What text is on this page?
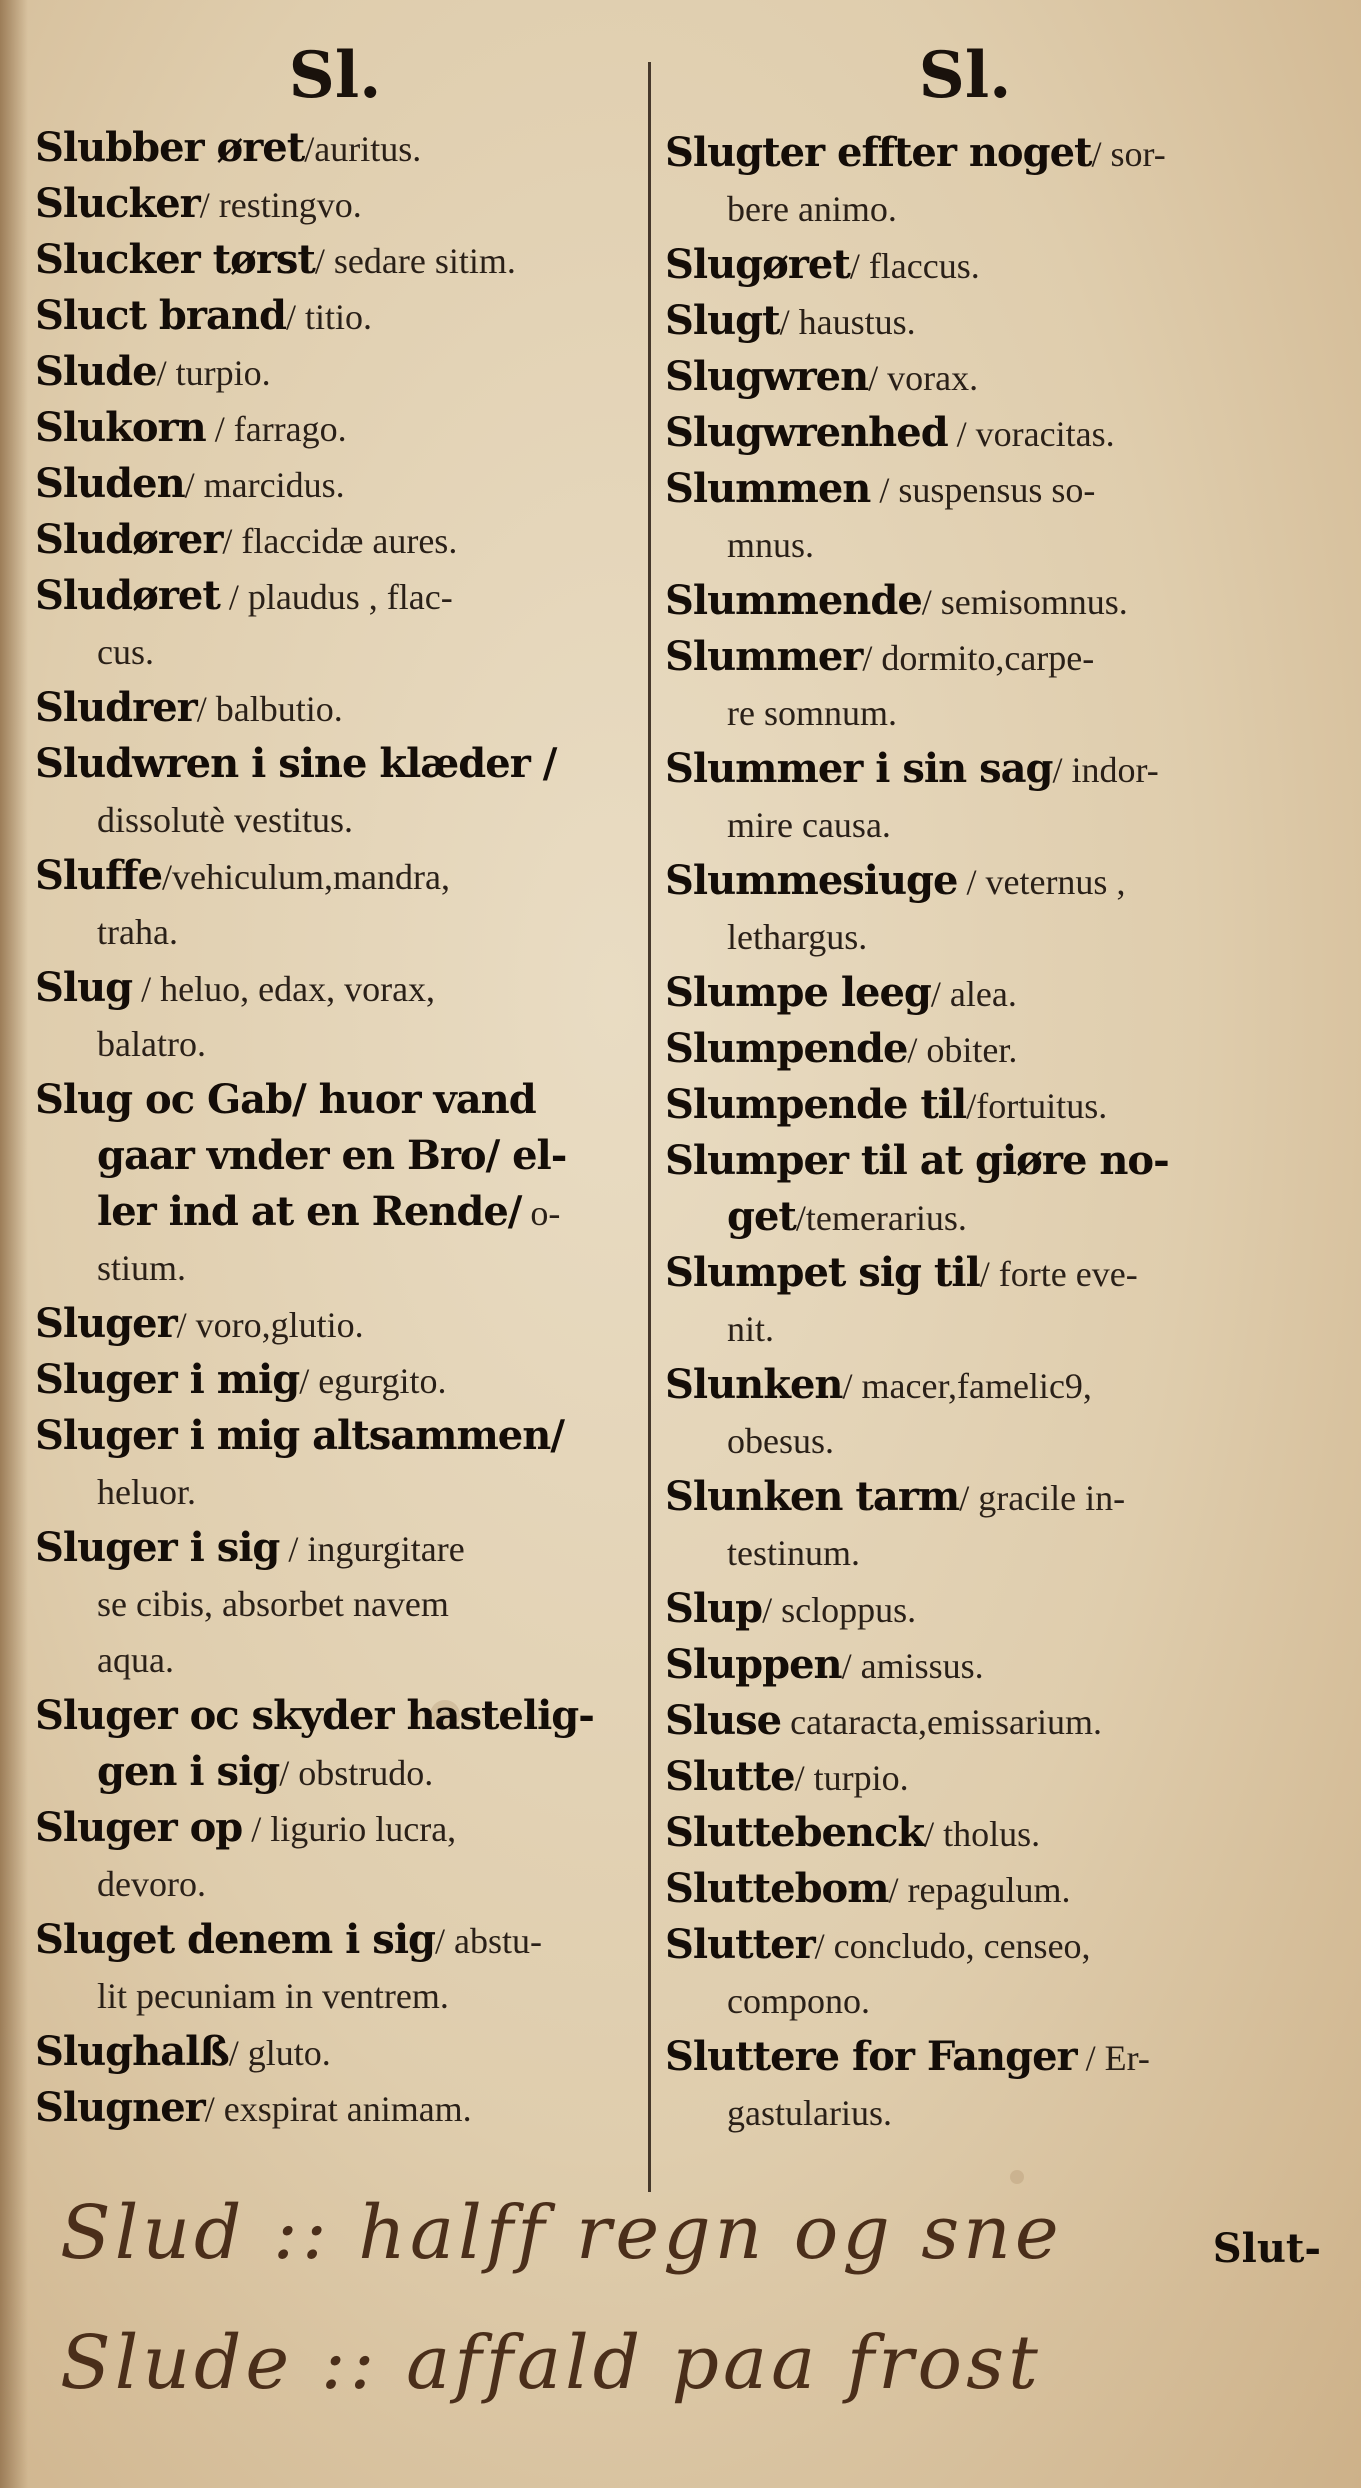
Sl.
Slubber øret/auritus.
Slucker/ restingvo.
Slucker tørst/ sedare sitim.
Sluct brand/ titio.
Slude/ turpio.
Slukorn / farrago.
Sluden/ marcidus.
Sludører/ flaccidæ aures.
Sludøret / plaudus , flac-
cus.
Sludrer/ balbutio.
Sludwren i sine klæder /
dissolutè vestitus.
Sluffe/vehiculum,mandra,
traha.
Slug / heluo, edax, vorax,
balatro.
Slug oc Gab/ huor vand
gaar vnder en Bro/ el-
ler ind at en Rende/ o-
stium.
Sluger/ voro,glutio.
Sluger i mig/ egurgito.
Sluger i mig altsammen/
heluor.
Sluger i sig / ingurgitare
se cibis, absorbet navem
aqua.
Sluger oc skyder hastelig-
gen i sig/ obstrudo.
Sluger op / ligurio lucra,
devoro.
Sluget denem i sig/ abstu-
lit pecuniam in ventrem.
Slughalß/ gluto.
Slugner/ exspirat animam.
Sl.
Slugter effter noget/ sor-
bere animo.
Slugøret/ flaccus.
Slugt/ haustus.
Slugwren/ vorax.
Slugwrenhed / voracitas.
Slummen / suspensus so-
mnus.
Slummende/ semisomnus.
Slummer/ dormito,carpe-
re somnum.
Slummer i sin sag/ indor-
mire causa.
Slummesiuge / veternus ,
lethargus.
Slumpe leeg/ alea.
Slumpende/ obiter.
Slumpende til/fortuitus.
Slumper til at giøre no-
get/temerarius.
Slumpet sig til/ forte eve-
nit.
Slunken/ macer,famelic9,
obesus.
Slunken tarm/ gracile in-
testinum.
Slup/ scloppus.
Sluppen/ amissus.
Sluse cataracta,emissarium.
Slutte/ turpio.
Sluttebenck/ tholus.
Sluttebom/ repagulum.
Slutter/ concludo, censeo,
compono.
Sluttere for Fanger / Er-
gastularius.
Slut-
Slud :: halff regn og sne
Slude :: affald paa frost
